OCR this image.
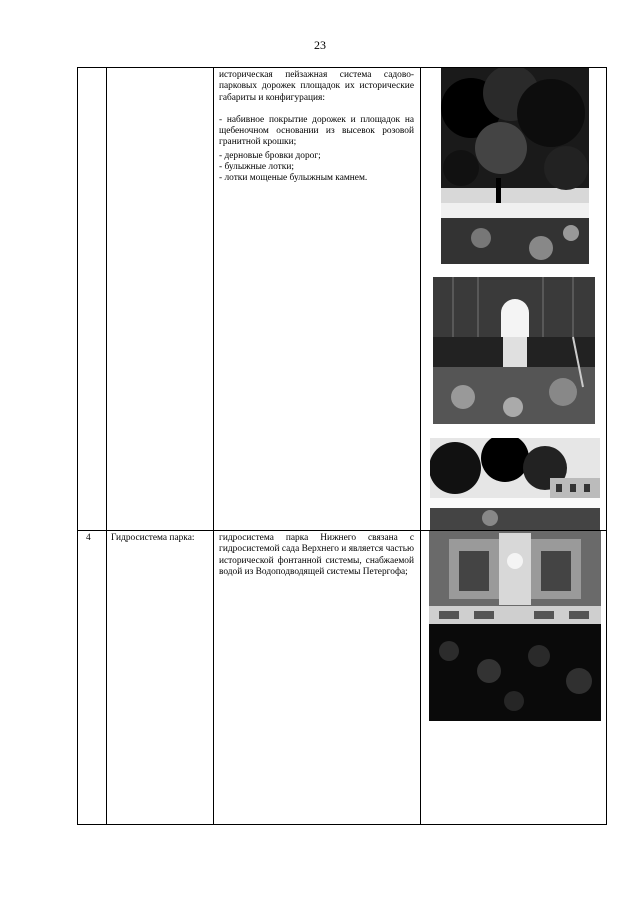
23

историческая пейзажная система садово-парковых дорожек площадок их исторические габариты и конфигурация:

- набивное покрытие дорожек и площадок на щебеночном основании из высевок розовой гранитной крошки;

- дерновые бровки дорог;

- булыжные лотки;

- лотки мощеные булыжным камнем.

4	Гидросистема парка:	гидросистема парка Нижнего связана с гидросистемой сада Верхнего и является частью исторической фонтанной системы, снабжаемой водой из Водоподводящей системы Петергофа;
